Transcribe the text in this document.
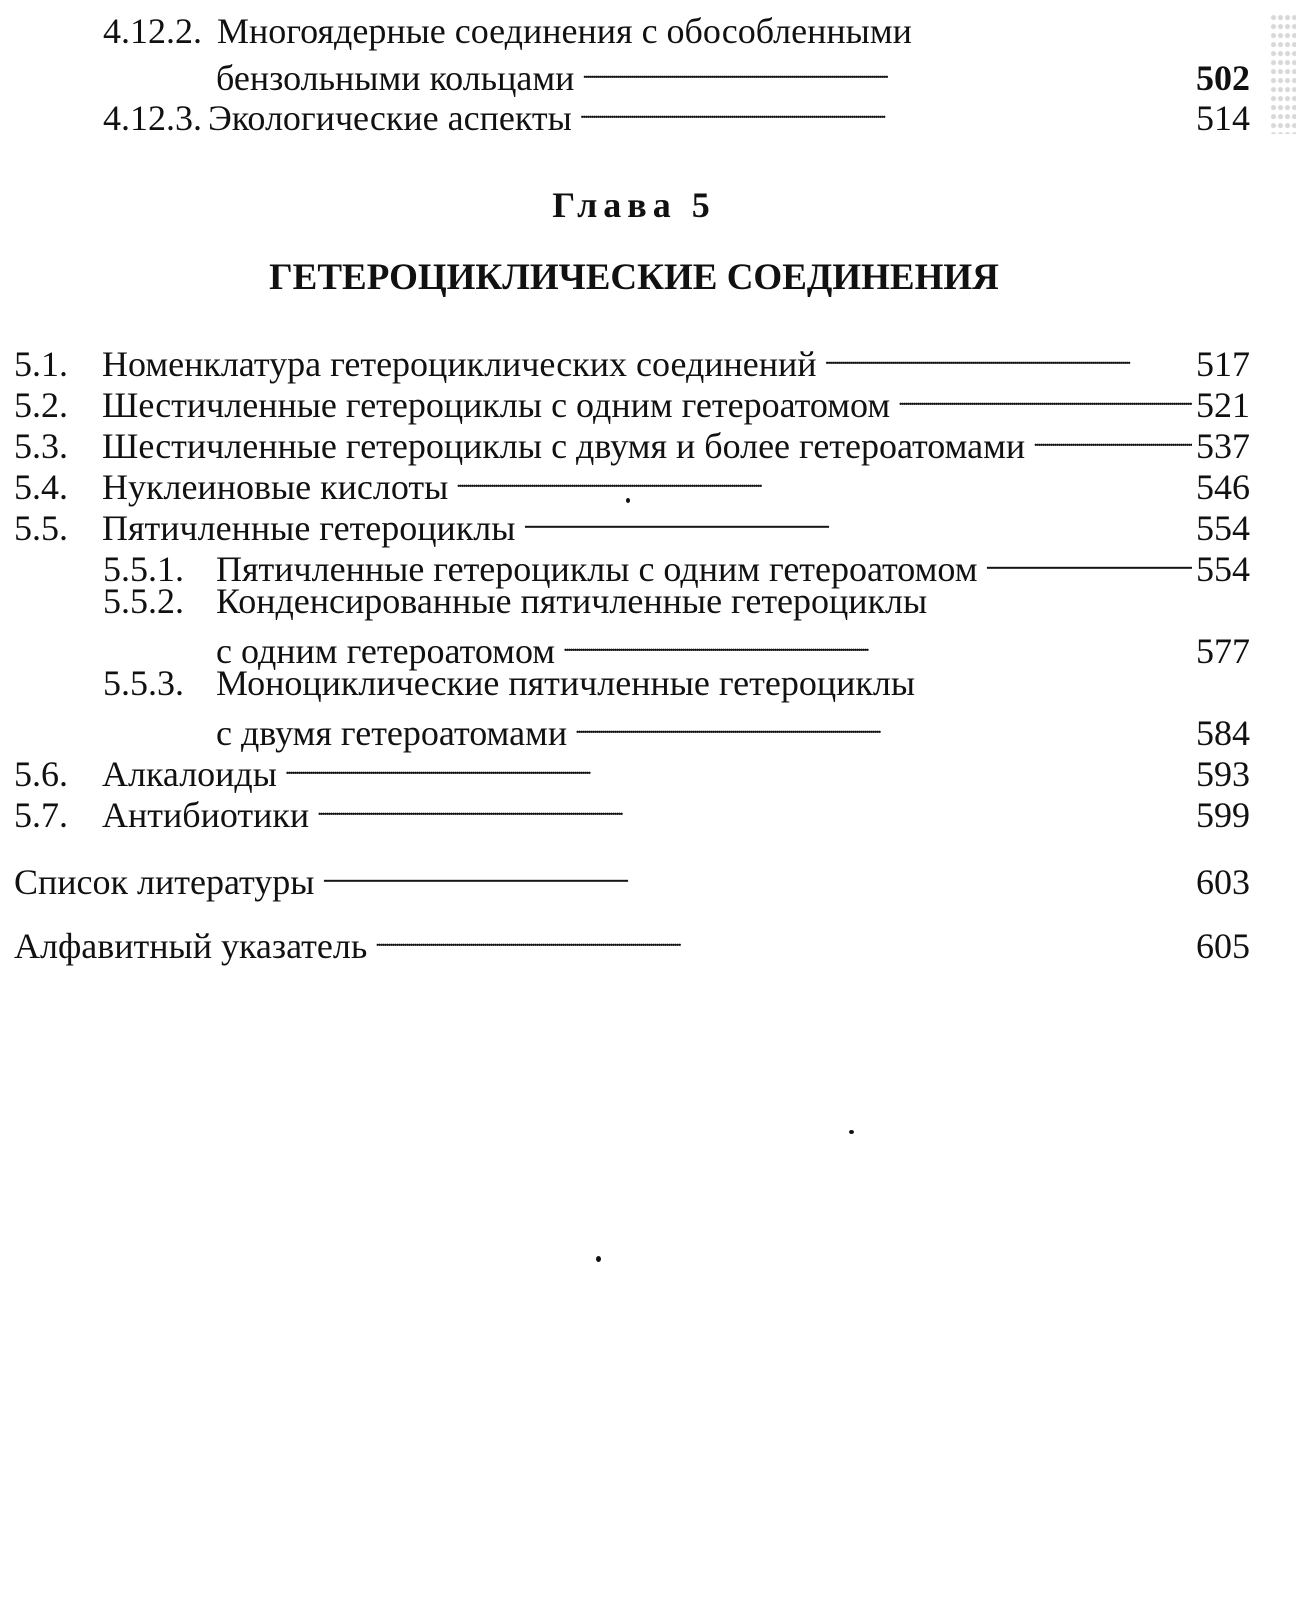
4.12.2. Многоядерные соединения с обособленными
бензольными кольцами . . .	502
4.12.3. Экологические аспекты . . .	514
Глава 5
ГЕТЕРОЦИКЛИЧЕСКИЕ СОЕДИНЕНИЯ
5.1. Номенклатура гетероциклических соединений . . .	517
5.2. Шестичленные гетероциклы с одним гетероатомом . . .	521
5.3. Шестичленные гетероциклы с двумя и более гетероатомами . . .	537
5.4. Нуклеиновые кислоты . . .	546
5.5. Пятичленные гетероциклы . . .	554
5.5.1. Пятичленные гетероциклы с одним гетероатомом . . .	554
5.5.2. Конденсированные пятичленные гетероциклы
с одним гетероатомом . . .	577
5.5.3. Моноциклические пятичленные гетероциклы
с двумя гетероатомами . . .	584
5.6. Алкалоиды . . .	593
5.7. Антибиотики . . .	599
Список литературы . . .	603
Алфавитный указатель . . .	605
